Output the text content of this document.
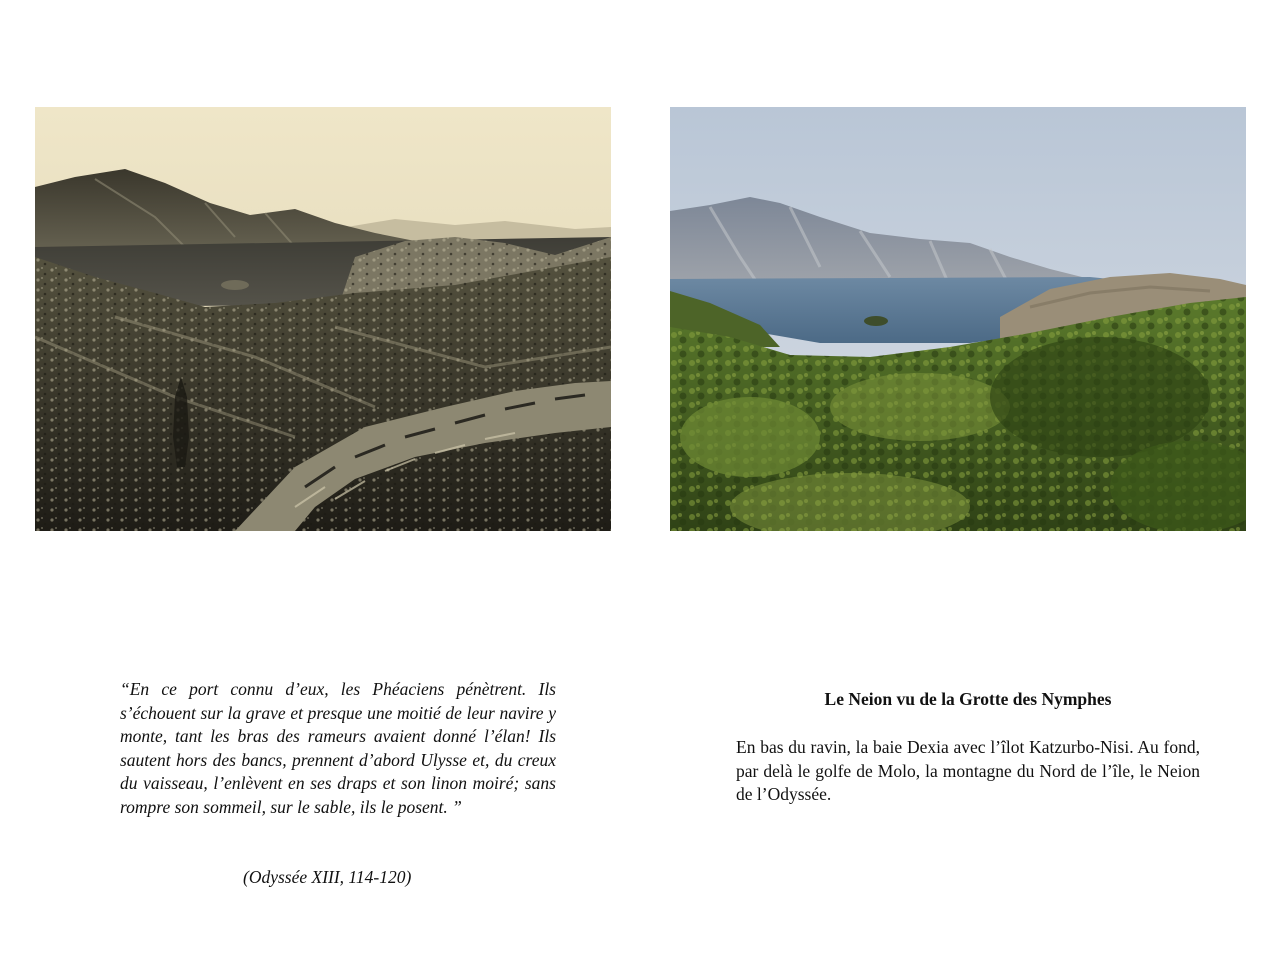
“En ce port connu d’eux, les Phéaciens pénètrent. Ils s’échouent sur la grave et presque une moitié de leur navire y monte, tant les bras des rameurs avaient donné l’élan! Ils sautent hors des bancs, prennent d’abord Ulysse et, du creux du vaisseau, l’enlèvent en ses draps et son linon moiré; sans rompre son sommeil, sur le sable, ils le posent. ”

(Odyssée XIII, 114-120)
Le Neion vu de la Grotte des Nymphes

En bas du ravin, la baie Dexia avec l’îlot Katzurbo-Nisi. Au fond, par delà le golfe de Molo, la montagne du Nord de l’île, le Neion de l’Odyssée.
